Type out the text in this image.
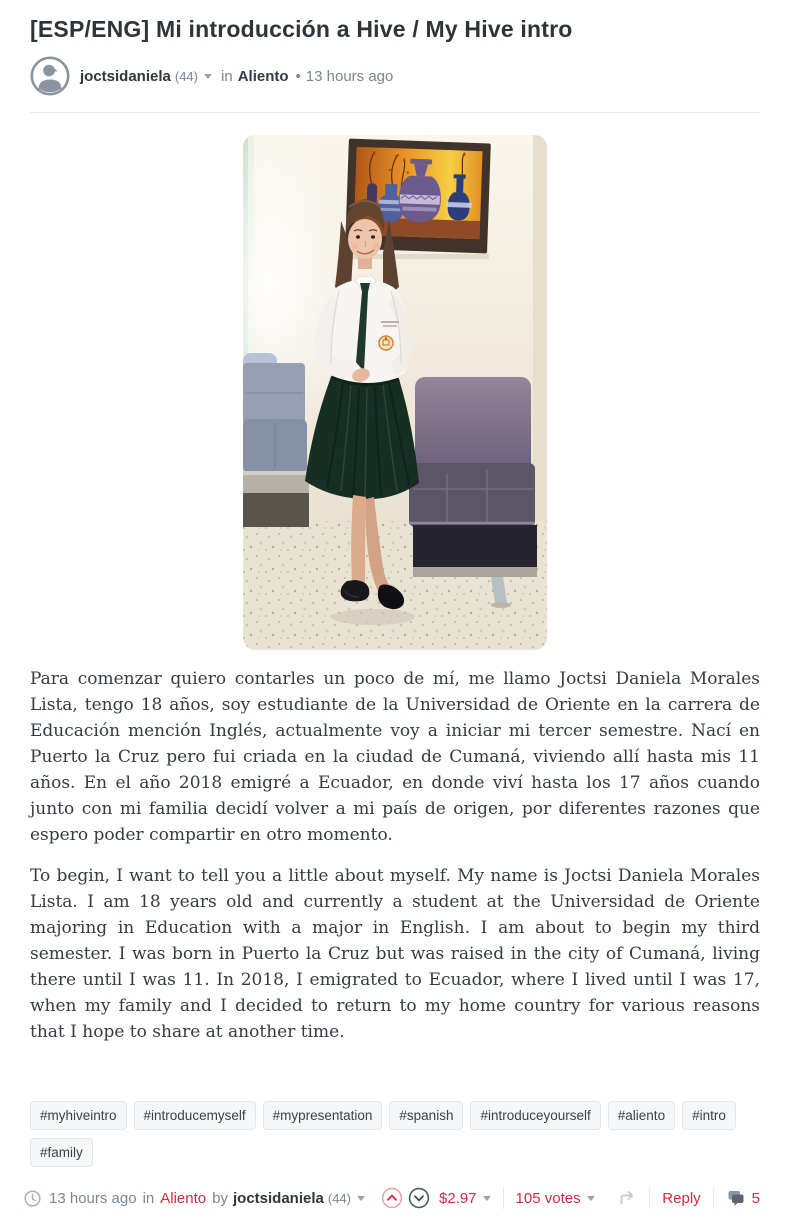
[ESP/ENG] Mi introducción a Hive / My Hive intro
joctsidaniela (44) in Aliento • 13 hours ago

Para comenzar quiero contarles un poco de mí, me llamo Joctsi Daniela Morales Lista, tengo 18 años, soy estudiante de la Universidad de Oriente en la carrera de Educación mención Inglés, actualmente voy a iniciar mi tercer semestre. Nací en Puerto la Cruz pero fui criada en la ciudad de Cumaná, viviendo allí hasta mis 11 años. En el año 2018 emigré a Ecuador, en donde viví hasta los 17 años cuando junto con mi familia decidí volver a mi país de origen, por diferentes razones que espero poder compartir en otro momento.

To begin, I want to tell you a little about myself. My name is Joctsi Daniela Morales Lista. I am 18 years old and currently a student at the Universidad de Oriente majoring in Education with a major in English. I am about to begin my third semester. I was born in Puerto la Cruz but was raised in the city of Cumaná, living there until I was 11. In 2018, I emigrated to Ecuador, where I lived until I was 17, when my family and I decided to return to my home country for various reasons that I hope to share at another time.

#myhiveintro	#introducemyself	#mypresentation	#spanish	#introduceyourself	#aliento	#intro
#family
13 hours ago in Aliento by joctsidaniela (44)	$2.97	105 votes	Reply	5
